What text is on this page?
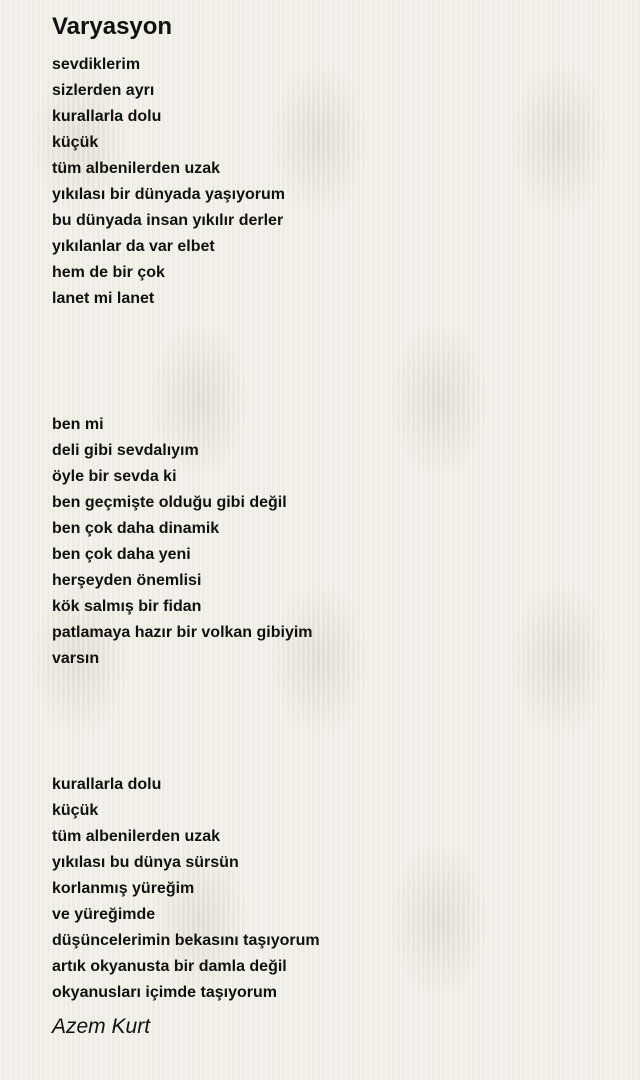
Varyasyon
sevdiklerim
sizlerden ayrı
kurallarla dolu
küçük
tüm albenilerden uzak
yıkılası bir dünyada yaşıyorum
bu dünyada insan yıkılır derler
yıkılanlar da var elbet
hem de bir çok
lanet mi lanet
ben mi
deli gibi sevdalıyım
öyle bir sevda ki
ben geçmişte olduğu gibi değil
ben çok daha dinamik
ben çok daha yeni
herşeyden önemlisi
kök salmış bir fidan
patlamaya hazır bir volkan gibiyim
varsın
kurallarla dolu
küçük
tüm albenilerden uzak
yıkılası bu dünya sürsün
korlanmış yüreğim
ve yüreğimde
düşüncelerimin bekasını taşıyorum
artık okyanusta bir damla değil
okyanusları içimde taşıyorum
Azem Kurt
